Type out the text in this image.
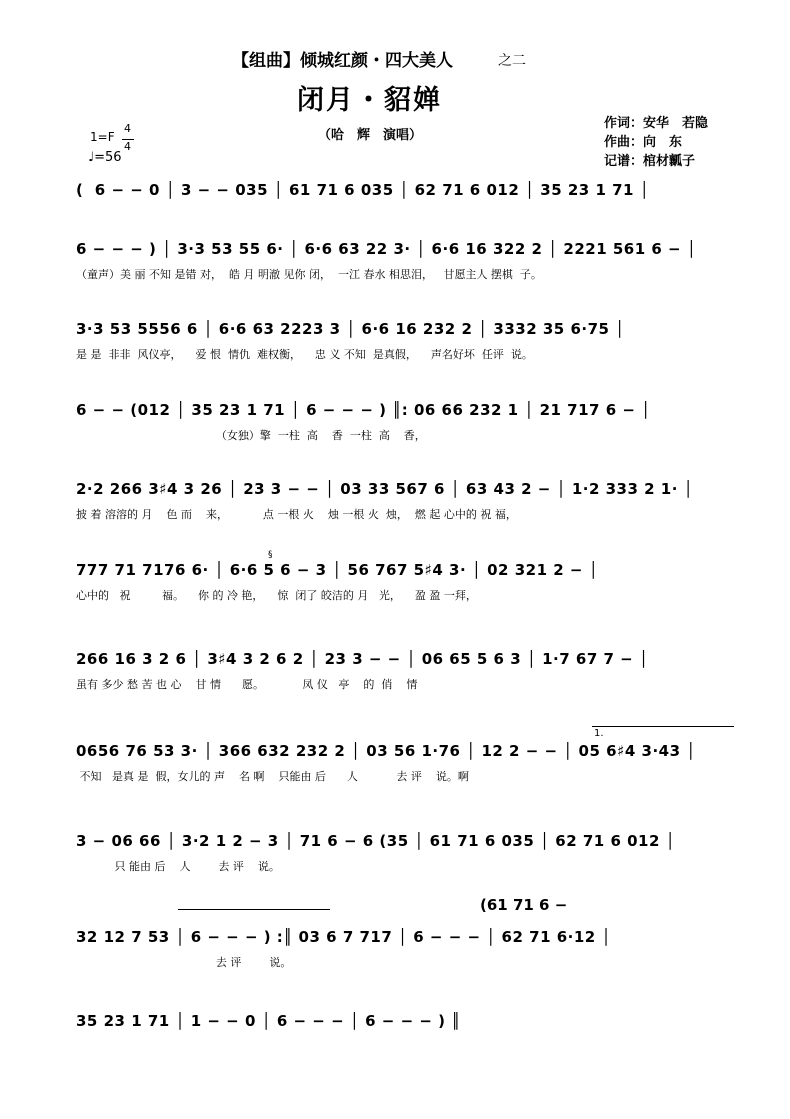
【组曲】倾城红颜・四大美人	之二
闭月・貂婵
（哈　辉　演唱）
作词：安华　若隐
作曲：向　东
记谱：棺材瓤子
1=F
4
4
♩=56
(  6 − − 0 │ 3 − − 035 │ 61 71 6 035 │ 62 71 6 012 │ 35 23 1 71 │
6 − − − ) │ 3·3 53 55 6· │ 6·6 63 22 3· │ 6·6 16 322 2 │ 2221 561 6 − │
（童声）美 丽 不知 是错 对，  皓 月 明澈 见你 闭，  一江 春水 相思泪，   甘愿主人 摆棋  子。
3·3 53 5556 6 │ 6·6 63 2223 3 │ 6·6 16 232 2 │ 3332 35 6·75 │
是 是  非非  风仪亭，    爱 恨  情仇  难权衡，    忠 义 不知  是真假，    声名好坏  任评  说。
6 − − (012 │ 35 23 1 71 │ 6 − − − ) ║: 06 66 232 1 │ 21 717 6 − │
（女独）擎  一柱  高    香  一柱  高    香，
2·2 266 3♯4 3 26 │ 23 3 − − │ 03 33 567 6 │ 63 43 2 − │ 1·2 333 2 1· │
披 着 溶溶的 月    色 而    来，          点 一根 火    烛 一根 火  烛，  燃 起 心中的 祝 福，
§
777 71 7176 6· │ 6·6 5 6 − 3 │ 56 767 5♯4 3· │ 02 321 2 − │
心中的   祝         福。    你 的 冷 艳，    惊  闭了 皎洁的 月   光，    盈 盈 一拜，
266 16 3 2 6 │ 3♯4 3 2 6 2 │ 23 3 − − │ 06 65 5 6 3 │ 1·7 67 7 − │
虽有 多少 愁 苦 也 心    甘 情      愿。           凤 仪   亭    的  俏    情
1.
0656 76 53 3· │ 366 632 232 2 │ 03 56 1·76 │ 12 2 − − │ 05 6♯4 3·43 │
不知   是真 是  假，女儿的 声    名 啊    只能由 后      人           去 评    说。啊
3 − 06 66 │ 3·2 1 2 − 3 │ 71 6 − 6 (35 │ 61 71 6 035 │ 62 71 6 012 │
只 能由 后    人        去 评    说。
(61 71 6 −
32 12 7 53 │ 6 − − − ) :║ 03 6 7 717 │ 6 − − − │ 62 71 6·12 │
去 评        说。
35 23 1 71 │ 1 − − 0 │ 6 − − − │ 6 − − − ) ║
